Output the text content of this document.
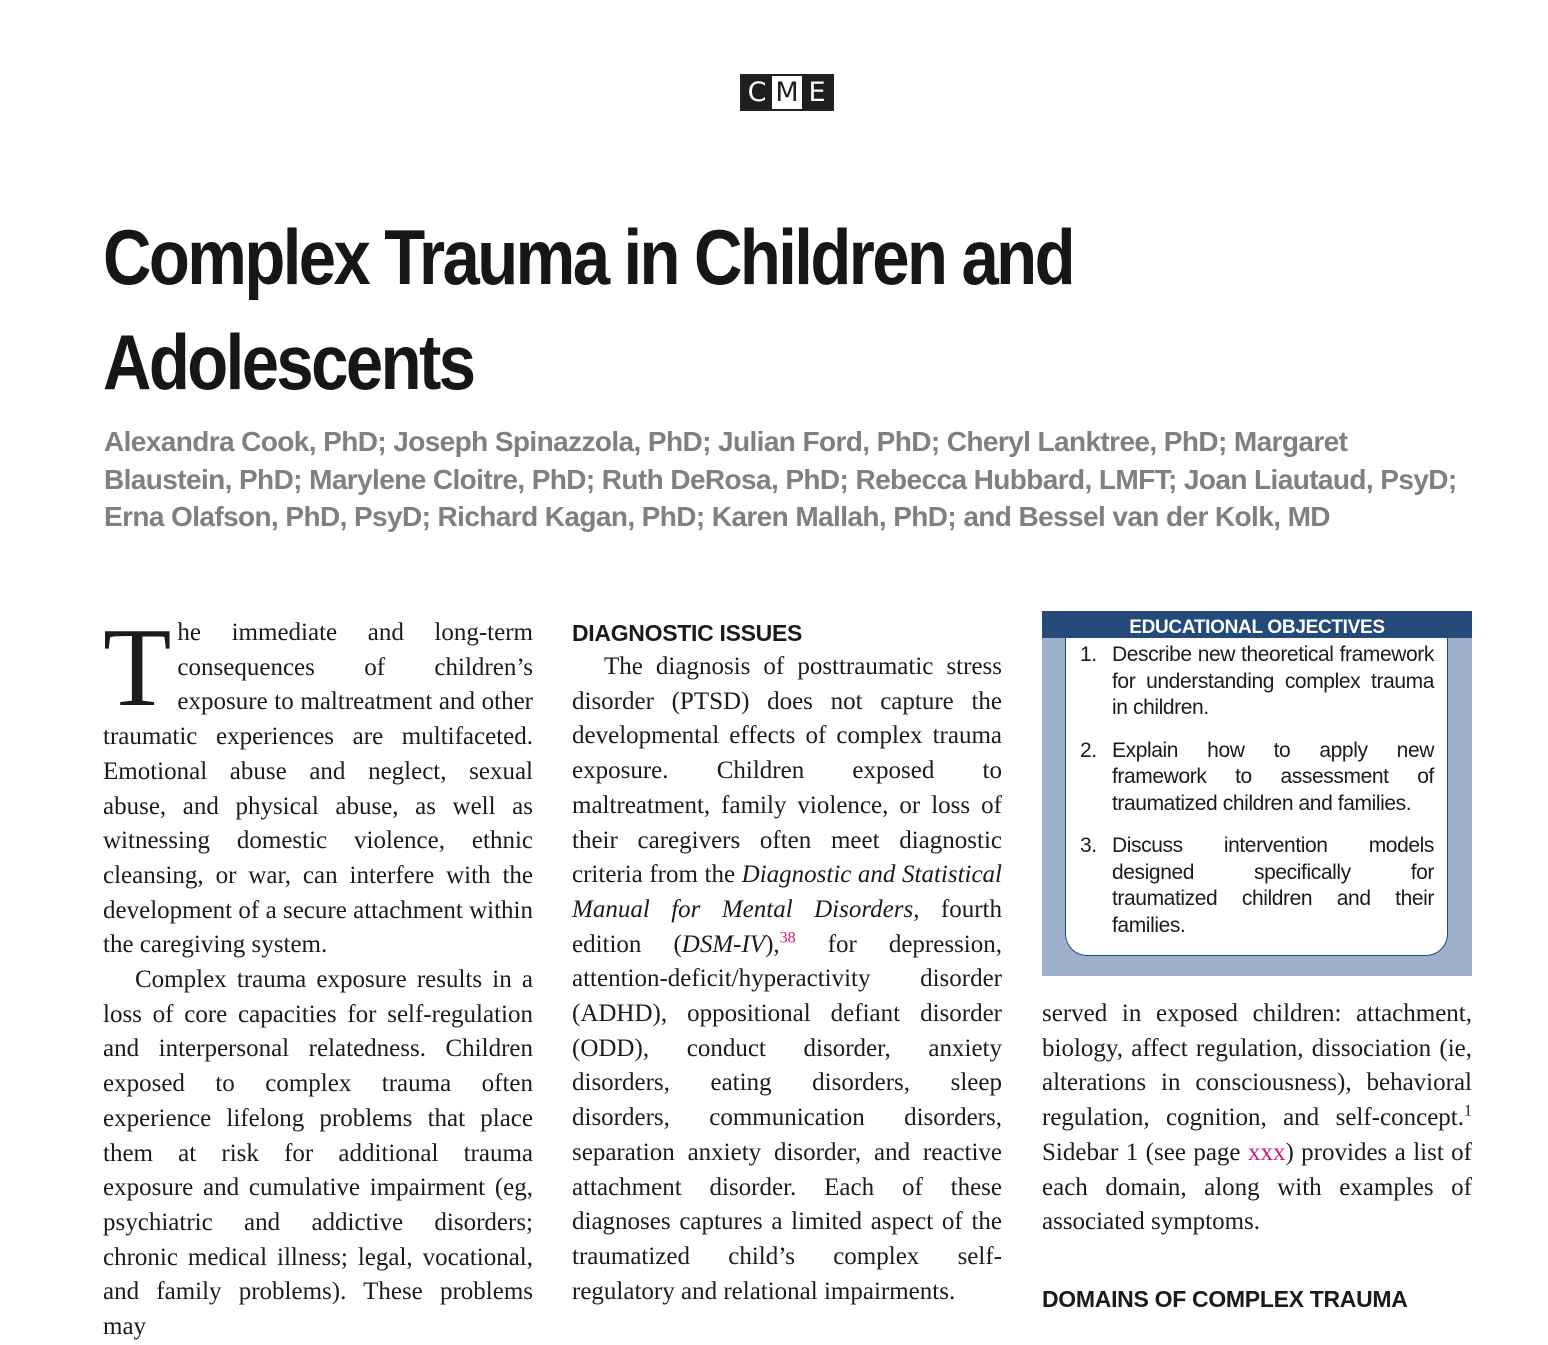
C M E
Complex Trauma in Children and Adolescents

Alexandra Cook, PhD; Joseph Spinazzola, PhD; Julian Ford, PhD; Cheryl Lanktree, PhD; Margaret Blaustein, PhD; Marylene Cloitre, PhD; Ruth DeRosa, PhD; Rebecca Hubbard, LMFT; Joan Liautaud, PsyD; Erna Olafson, PhD, PsyD; Richard Kagan, PhD; Karen Mallah, PhD; and Bessel van der Kolk, MD

The immediate and long-term consequences of children’s exposure to maltreatment and other traumatic experiences are multifaceted. Emotional abuse and neglect, sexual abuse, and physical abuse, as well as witnessing domestic violence, ethnic cleansing, or war, can interfere with the development of a secure attachment within the caregiving system.

Complex trauma exposure results in a loss of core capacities for self-regulation and interpersonal relatedness. Children exposed to complex trauma often experience lifelong problems that place them at risk for additional trauma exposure and cumulative impairment (eg, psychiatric and addictive disorders; chronic medical illness; legal, vocational, and family problems). These problems may

DIAGNOSTIC ISSUES

The diagnosis of posttraumatic stress disorder (PTSD) does not capture the developmental effects of complex trauma exposure. Children exposed to maltreatment, family violence, or loss of their caregivers often meet diagnostic criteria from the Diagnostic and Statistical Manual for Mental Disorders, fourth edition (DSM-IV),$^{38}$ for depression, attention-deficit/hyperactivity disorder (ADHD), oppositional defiant disorder (ODD), conduct disorder, anxiety disorders, eating disorders, sleep disorders, communication disorders, separation anxiety disorder, and reactive attachment disorder. Each of these diagnoses captures a limited aspect of the traumatized child’s complex self-regulatory and relational impairments.

EDUCATIONAL OBJECTIVES
1. Describe new theoretical framework for understanding complex trauma in children.
2. Explain how to apply new framework to assessment of traumatized children and families.
3. Discuss intervention models designed specifically for traumatized children and their families.

served in exposed children: attachment, biology, affect regulation, dissociation (ie, alterations in consciousness), behavioral regulation, cognition, and self-concept.$^1$ Sidebar 1 (see page xxx) provides a list of each domain, along with examples of associated symptoms.

DOMAINS OF COMPLEX TRAUMA
